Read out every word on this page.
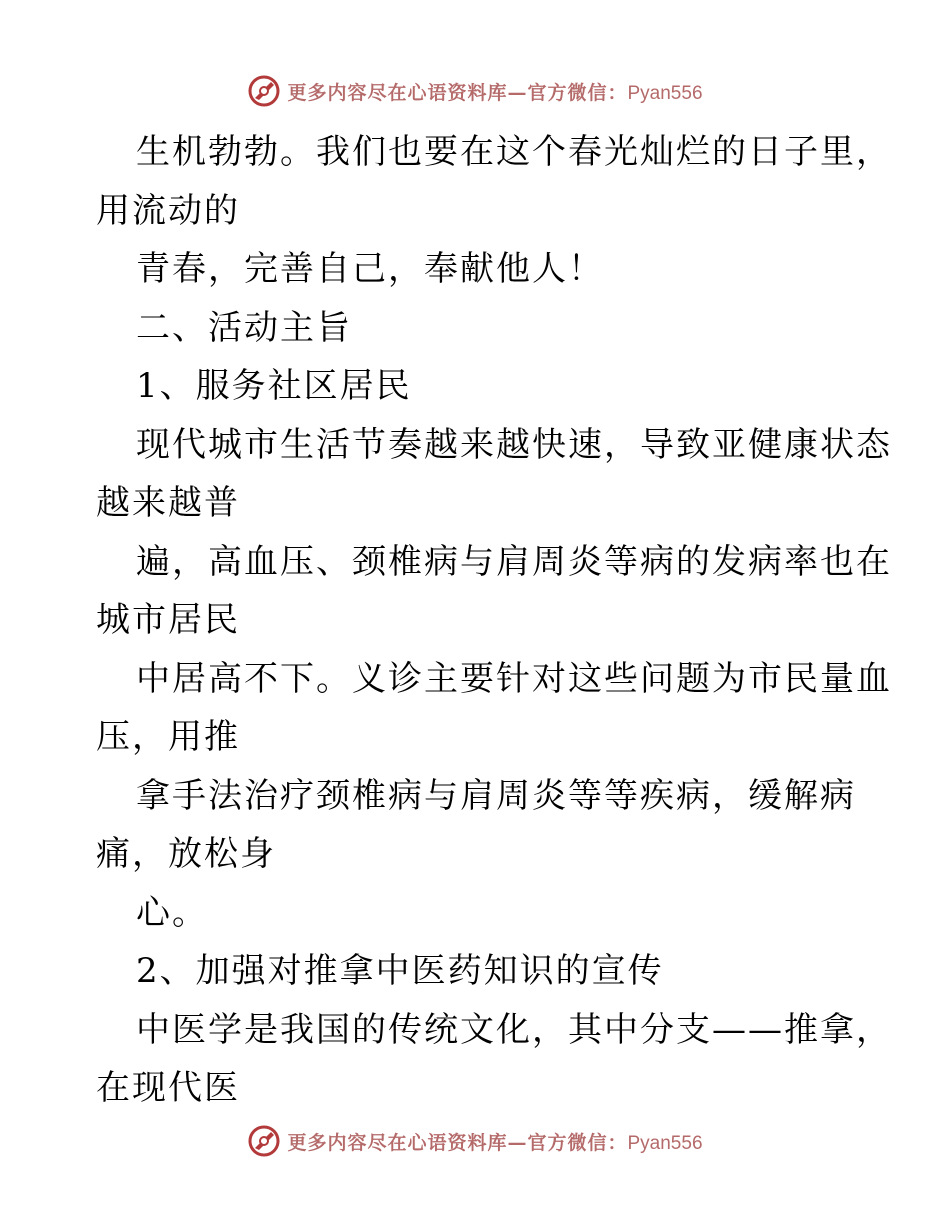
更多内容尽在心语资料库—官方微信：Pyan556
生机勃勃。我们也要在这个春光灿烂的日子里，
用流动的
青春，完善自己，奉献他人！
二、活动主旨
1、服务社区居民
现代城市生活节奏越来越快速，导致亚健康状态
越来越普
遍，高血压、颈椎病与肩周炎等病的发病率也在
城市居民
中居高不下。义诊主要针对这些问题为市民量血
压，用推
拿手法治疗颈椎病与肩周炎等等疾病，缓解病
痛，放松身
心。
2、加强对推拿中医药知识的宣传
中医学是我国的传统文化，其中分支——推拿，
在现代医
更多内容尽在心语资料库—官方微信：Pyan556
